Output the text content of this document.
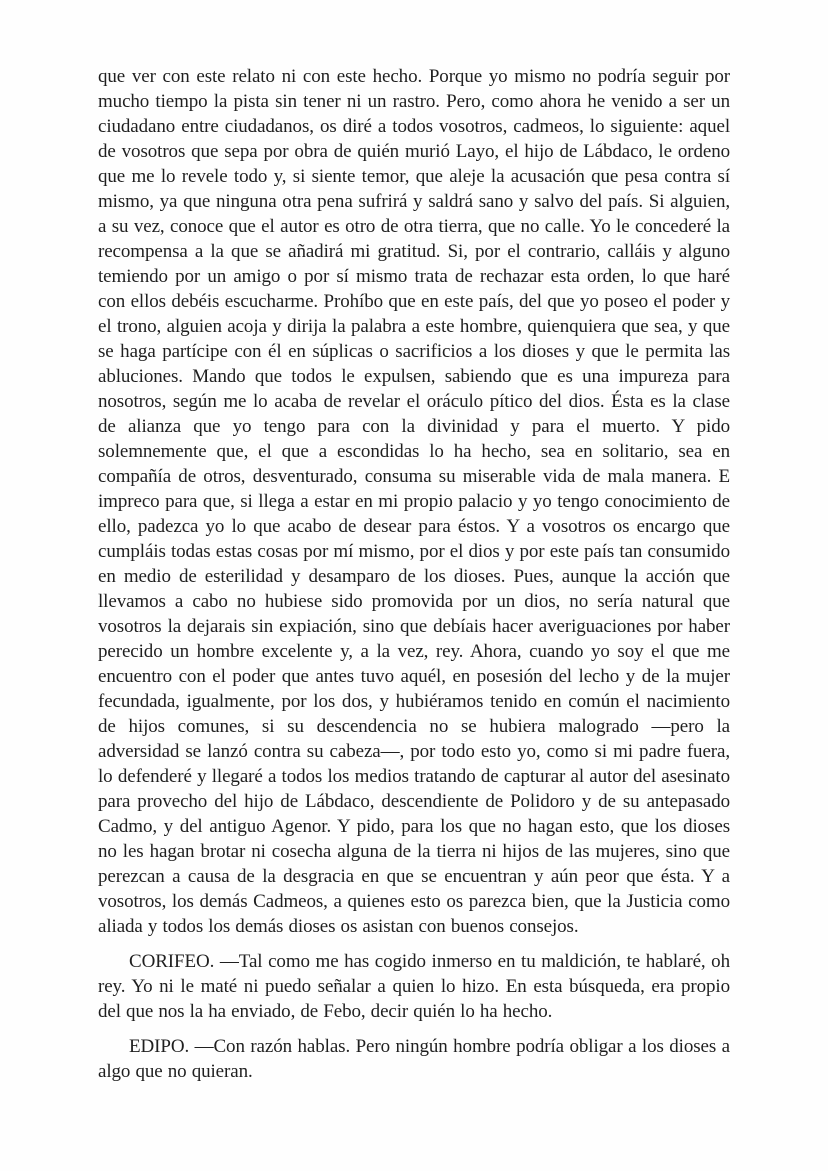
que ver con este relato ni con este hecho. Porque yo mismo no podría seguir por mucho tiempo la pista sin tener ni un rastro. Pero, como ahora he venido a ser un ciudadano entre ciudadanos, os diré a todos vosotros, cadmeos, lo siguiente: aquel de vosotros que sepa por obra de quién murió Layo, el hijo de Lábdaco, le ordeno que me lo revele todo y, si siente temor, que aleje la acusación que pesa contra sí mismo, ya que ninguna otra pena sufrirá y saldrá sano y salvo del país. Si alguien, a su vez, conoce que el autor es otro de otra tierra, que no calle. Yo le concederé la recompensa a la que se añadirá mi gratitud. Si, por el contrario, calláis y alguno temiendo por un amigo o por sí mismo trata de rechazar esta orden, lo que haré con ellos debéis escucharme. Prohíbo que en este país, del que yo poseo el poder y el trono, alguien acoja y dirija la palabra a este hombre, quienquiera que sea, y que se haga partícipe con él en súplicas o sacrificios a los dioses y que le permita las abluciones. Mando que todos le expulsen, sabiendo que es una impureza para nosotros, según me lo acaba de revelar el oráculo pítico del dios. Ésta es la clase de alianza que yo tengo para con la divinidad y para el muerto. Y pido solemnemente que, el que a escondidas lo ha hecho, sea en solitario, sea en compañía de otros, desventurado, consuma su miserable vida de mala manera. E impreco para que, si llega a estar en mi propio palacio y yo tengo conocimiento de ello, padezca yo lo que acabo de desear para éstos. Y a vosotros os encargo que cumpláis todas estas cosas por mí mismo, por el dios y por este país tan consumido en medio de esterilidad y desamparo de los dioses. Pues, aunque la acción que llevamos a cabo no hubiese sido promovida por un dios, no sería natural que vosotros la dejarais sin expiación, sino que debíais hacer averiguaciones por haber perecido un hombre excelente y, a la vez, rey. Ahora, cuando yo soy el que me encuentro con el poder que antes tuvo aquél, en posesión del lecho y de la mujer fecundada, igualmente, por los dos, y hubiéramos tenido en común el nacimiento de hijos comunes, si su descendencia no se hubiera malogrado —pero la adversidad se lanzó contra su cabeza—, por todo esto yo, como si mi padre fuera, lo defenderé y llegaré a todos los medios tratando de capturar al autor del asesinato para provecho del hijo de Lábdaco, descendiente de Polidoro y de su antepasado Cadmo, y del antiguo Agenor. Y pido, para los que no hagan esto, que los dioses no les hagan brotar ni cosecha alguna de la tierra ni hijos de las mujeres, sino que perezcan a causa de la desgracia en que se encuentran y aún peor que ésta. Y a vosotros, los demás Cadmeos, a quienes esto os parezca bien, que la Justicia como aliada y todos los demás dioses os asistan con buenos consejos.

CORIFEO. —Tal como me has cogido inmerso en tu maldición, te hablaré, oh rey. Yo ni le maté ni puedo señalar a quien lo hizo. En esta búsqueda, era propio del que nos la ha enviado, de Febo, decir quién lo ha hecho.

EDIPO. —Con razón hablas. Pero ningún hombre podría obligar a los dioses a algo que no quieran.
